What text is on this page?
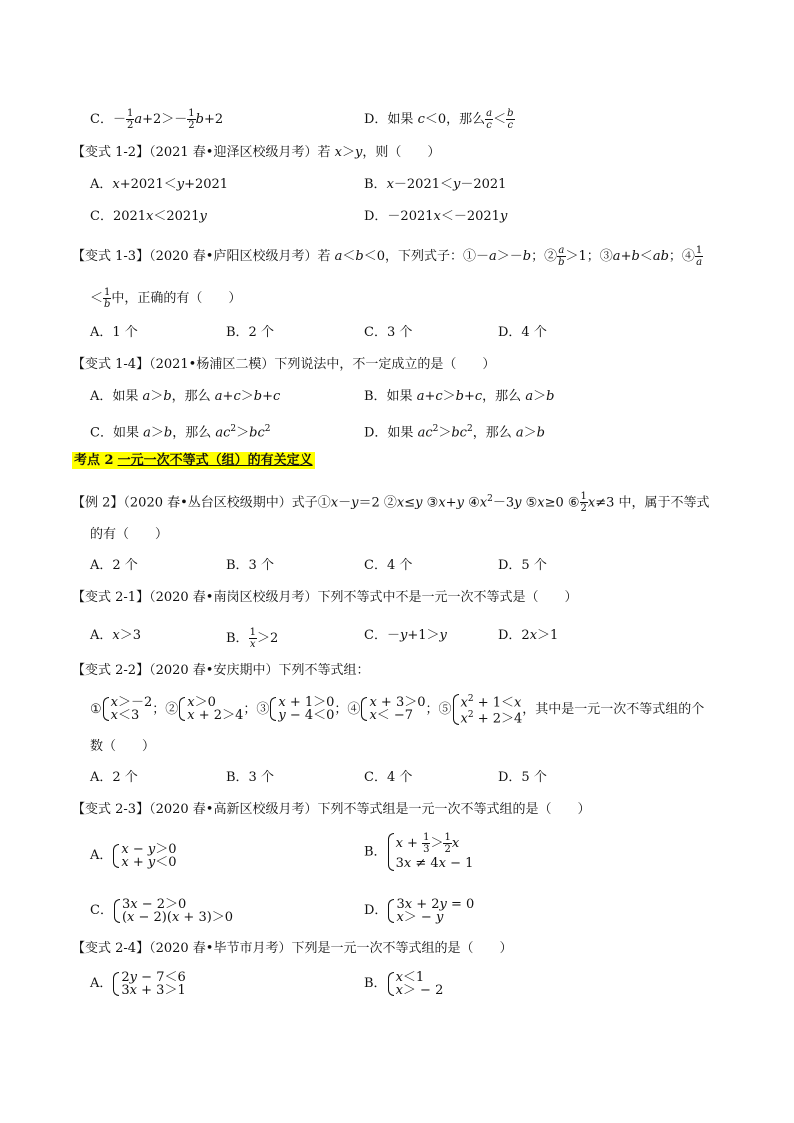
C．－ $\frac{1}{2} a+2>- \frac{1}{2} b+2$	D．如果 c＜0，那么 $\frac{a}{c} < \frac{b}{c}$
【变式 1-2】（2021 春•迎泽区校级月考）若 x＞y，则（　　）
A．x+2021＜y+2021	B．x－2021＜y－2021
C．2021x＜2021y	D．－2021x＜－2021y
【变式 1-3】（2020 春•庐阳区校级月考）若 a＜b＜0，下列式子：①－a＞－b；② $\frac{a}{b} >1$；③a+b＜ab；④ $\frac{1}{a}$
＜ $\frac{1}{b}$ 中，正确的有（　　）
A．1 个	B．2 个	C．3 个	D．4 个
【变式 1-4】（2021•杨浦区二模）下列说法中，不一定成立的是（　　）
A．如果 a＞b，那么 a+c＞b+c	B．如果 a+c＞b+c，那么 a＞b
C．如果 a＞b，那么 $ac^2>bc^2$	D．如果 $ac^2>bc^2$，那么 a＞b
考点 2 一元一次不等式（组）的有关定义
【例 2】（2020 春•丛台区校级期中）式子①x－y＝2 ②x≤y ③x+y $④x^2-3y$ ⑤x≥0 ⑥ $\frac{1}{2} x\ne 3$ 中，属于不等式
的有（　　）
A．2 个	B．3 个	C．4 个	D．5 个
【变式 2-1】（2020 春•南岗区校级月考）下列不等式中不是一元一次不等式是（　　）
A．x＞3	B． $\frac{1}{x} >2$	C．－y+1＞y	D．2x＞1
【变式 2-2】（2020 春•安庆期中）下列不等式组：
① x＞－2
x＜3	；② x＞0
x + 2＞4 ；③ x + 1＞0
y − 4＜0 ；④ x + 3＞0
x＜ −7 ；⑤ $x^2 + 1<x$
$x^2 + 2>4$
，其中是一元一次不等式组的个
数（　　）
A．2 个	B．3 个	C．4 个	D．5 个
【变式 2-3】（2020 春•高新区校级月考）下列不等式组是一元一次不等式组的是（　　）
A． x − y＞0
x + y＜0
B．
$x + \frac{1}{3} > \frac{1}{2}$ x
3x ≠ 4x − 1
C． 3x − 2＞0
(x − 2)(x + 3)＞0	D． 3x + 2y = 0
x＞ − y
【变式 2-4】（2020 春•毕节市月考）下列是一元一次不等式组的是（　　）
A． 2y − 7＜6
3x + 3＞1	B． x＜1
x＞ − 2
